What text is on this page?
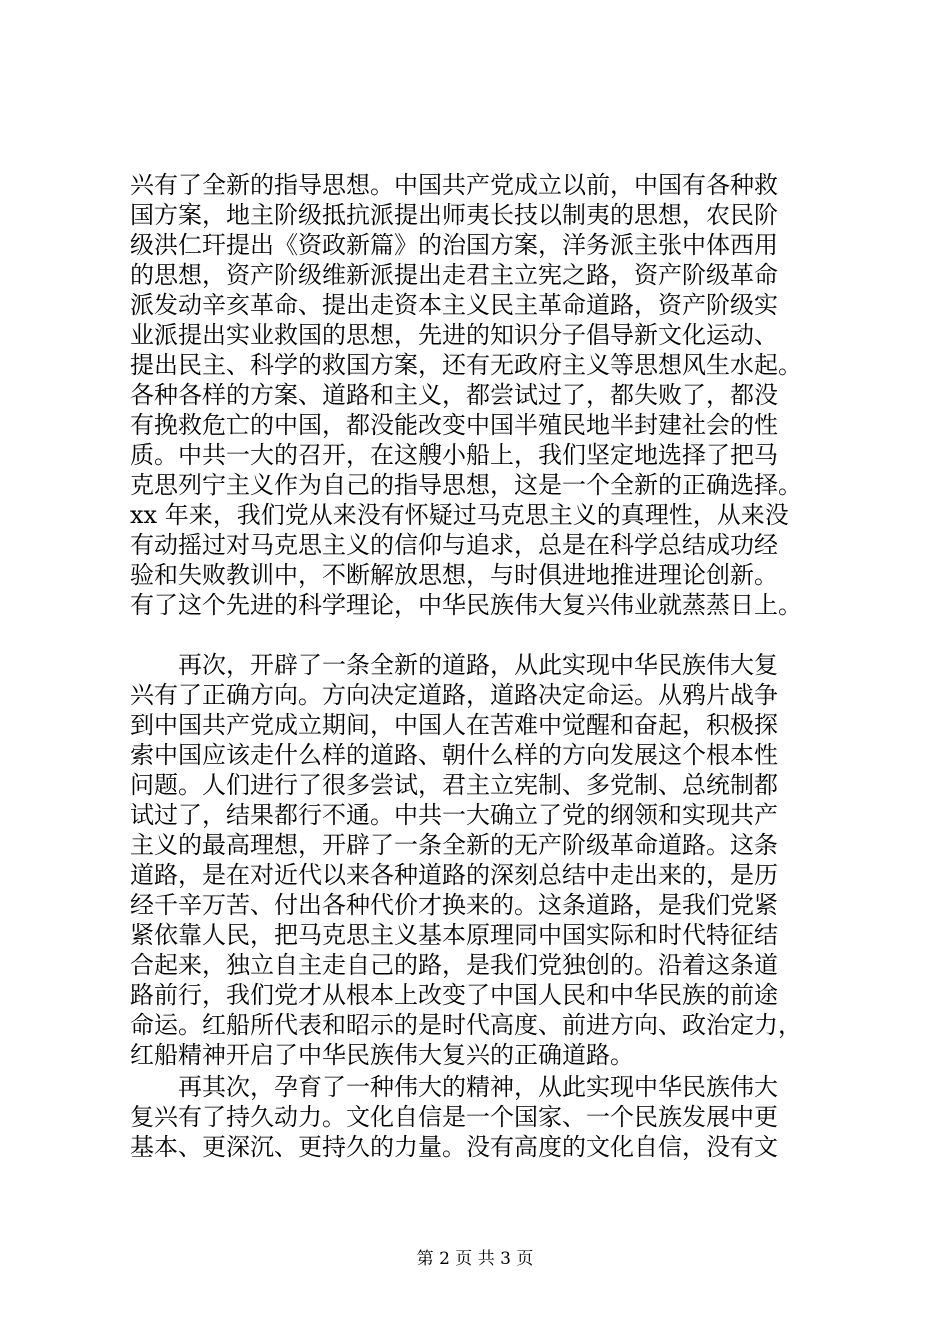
兴有了全新的指导思想。中国共产党成立以前，中国有各种救
国方案，地主阶级抵抗派提出师夷长技以制夷的思想，农民阶
级洪仁玕提出《资政新篇》的治国方案，洋务派主张中体西用
的思想，资产阶级维新派提出走君主立宪之路，资产阶级革命
派发动辛亥革命、提出走资本主义民主革命道路，资产阶级实
业派提出实业救国的思想，先进的知识分子倡导新文化运动、
提出民主、科学的救国方案，还有无政府主义等思想风生水起。
各种各样的方案、道路和主义，都尝试过了，都失败了，都没
有挽救危亡的中国，都没能改变中国半殖民地半封建社会的性
质。中共一大的召开，在这艘小船上，我们坚定地选择了把马
克思列宁主义作为自己的指导思想，这是一个全新的正确选择。
xx 年来，我们党从来没有怀疑过马克思主义的真理性，从来没
有动摇过对马克思主义的信仰与追求，总是在科学总结成功经
验和失败教训中，不断解放思想，与时俱进地推进理论创新。
有了这个先进的科学理论，中华民族伟大复兴伟业就蒸蒸日上。
　　再次，开辟了一条全新的道路，从此实现中华民族伟大复
兴有了正确方向。方向决定道路，道路决定命运。从鸦片战争
到中国共产党成立期间，中国人在苦难中觉醒和奋起，积极探
索中国应该走什么样的道路、朝什么样的方向发展这个根本性
问题。人们进行了很多尝试，君主立宪制、多党制、总统制都
试过了，结果都行不通。中共一大确立了党的纲领和实现共产
主义的最高理想，开辟了一条全新的无产阶级革命道路。这条
道路，是在对近代以来各种道路的深刻总结中走出来的，是历
经千辛万苦、付出各种代价才换来的。这条道路，是我们党紧
紧依靠人民，把马克思主义基本原理同中国实际和时代特征结
合起来，独立自主走自己的路，是我们党独创的。沿着这条道
路前行，我们党才从根本上改变了中国人民和中华民族的前途
命运。红船所代表和昭示的是时代高度、前进方向、政治定力，
红船精神开启了中华民族伟大复兴的正确道路。
　　再其次，孕育了一种伟大的精神，从此实现中华民族伟大
复兴有了持久动力。文化自信是一个国家、一个民族发展中更
基本、更深沉、更持久的力量。没有高度的文化自信，没有文
第 2 页 共 3 页
